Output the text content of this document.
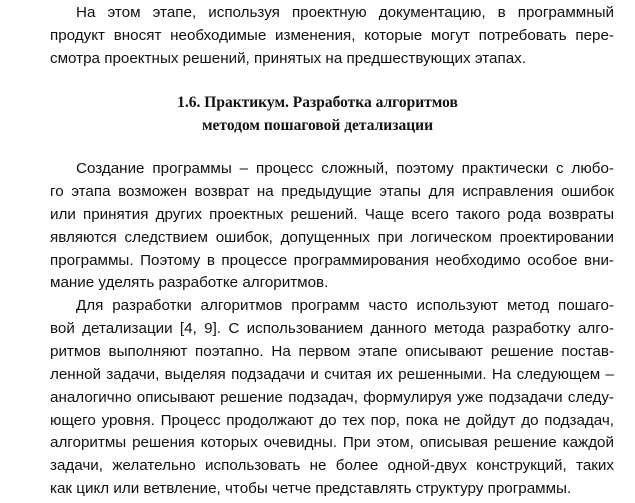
На этом этапе, используя проектную документацию, в программный
продукт вносят необходимые изменения, которые могут потребовать пере-
смотра проектных решений, принятых на предшествующих этапах.
1.6. Практикум. Разработка алгоритмов
методом пошаговой детализации
Создание программы – процесс сложный, поэтому практически с любо-
го этапа возможен возврат на предыдущие этапы для исправления ошибок
или принятия других проектных решений. Чаще всего такого рода возвраты
являются следствием ошибок, допущенных при логическом проектировании
программы. Поэтому в процессе программирования необходимо особое вни-
мание уделять разработке алгоритмов.
Для разработки алгоритмов программ часто используют метод пошаго-
вой детализации [4, 9]. С использованием данного метода разработку алго-
ритмов выполняют поэтапно. На первом этапе описывают решение постав-
ленной задачи, выделяя подзадачи и считая их решенными. На следующем –
аналогично описывают решение подзадач, формулируя уже подзадачи следу-
ющего уровня. Процесс продолжают до тех пор, пока не дойдут до подзадач,
алгоритмы решения которых очевидны. При этом, описывая решение каждой
задачи, желательно использовать не более одной-двух конструкций, таких
как цикл или ветвление, чтобы четче представлять структуру программы.
